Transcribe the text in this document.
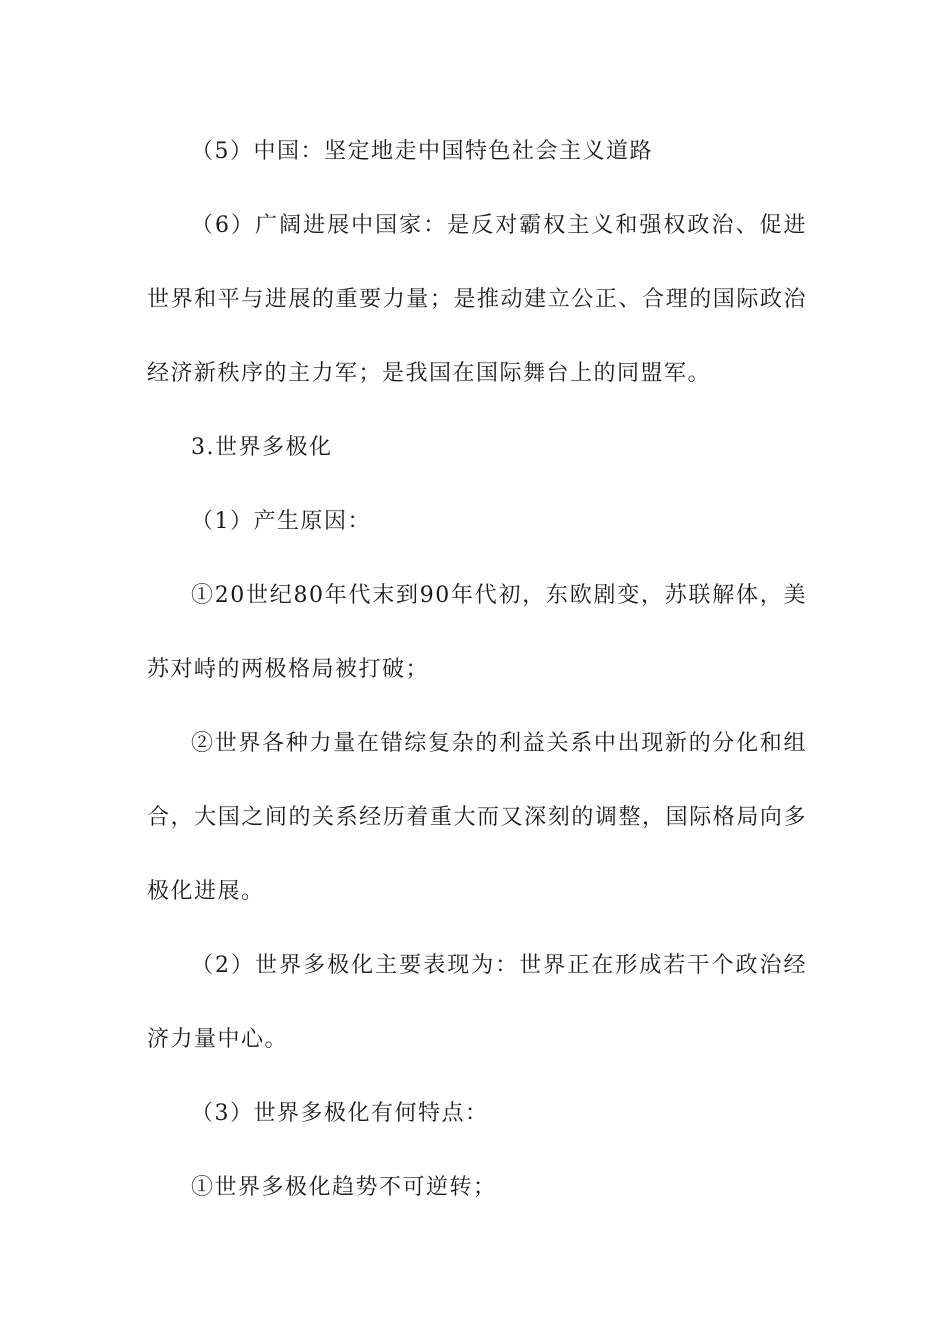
（5）中国：坚定地走中国特色社会主义道路

（6）广阔进展中国家：是反对霸权主义和强权政治、促进世界和平与进展的重要力量；是推动建立公正、合理的国际政治经济新秩序的主力军；是我国在国际舞台上的同盟军。

3.世界多极化

（1）产生原因：

①20世纪80年代末到90年代初，东欧剧变，苏联解体，美苏对峙的两极格局被打破；

②世界各种力量在错综复杂的利益关系中出现新的分化和组合，大国之间的关系经历着重大而又深刻的调整，国际格局向多极化进展。

（2）世界多极化主要表现为：世界正在形成若干个政治经济力量中心。

（3）世界多极化有何特点：

①世界多极化趋势不可逆转；
